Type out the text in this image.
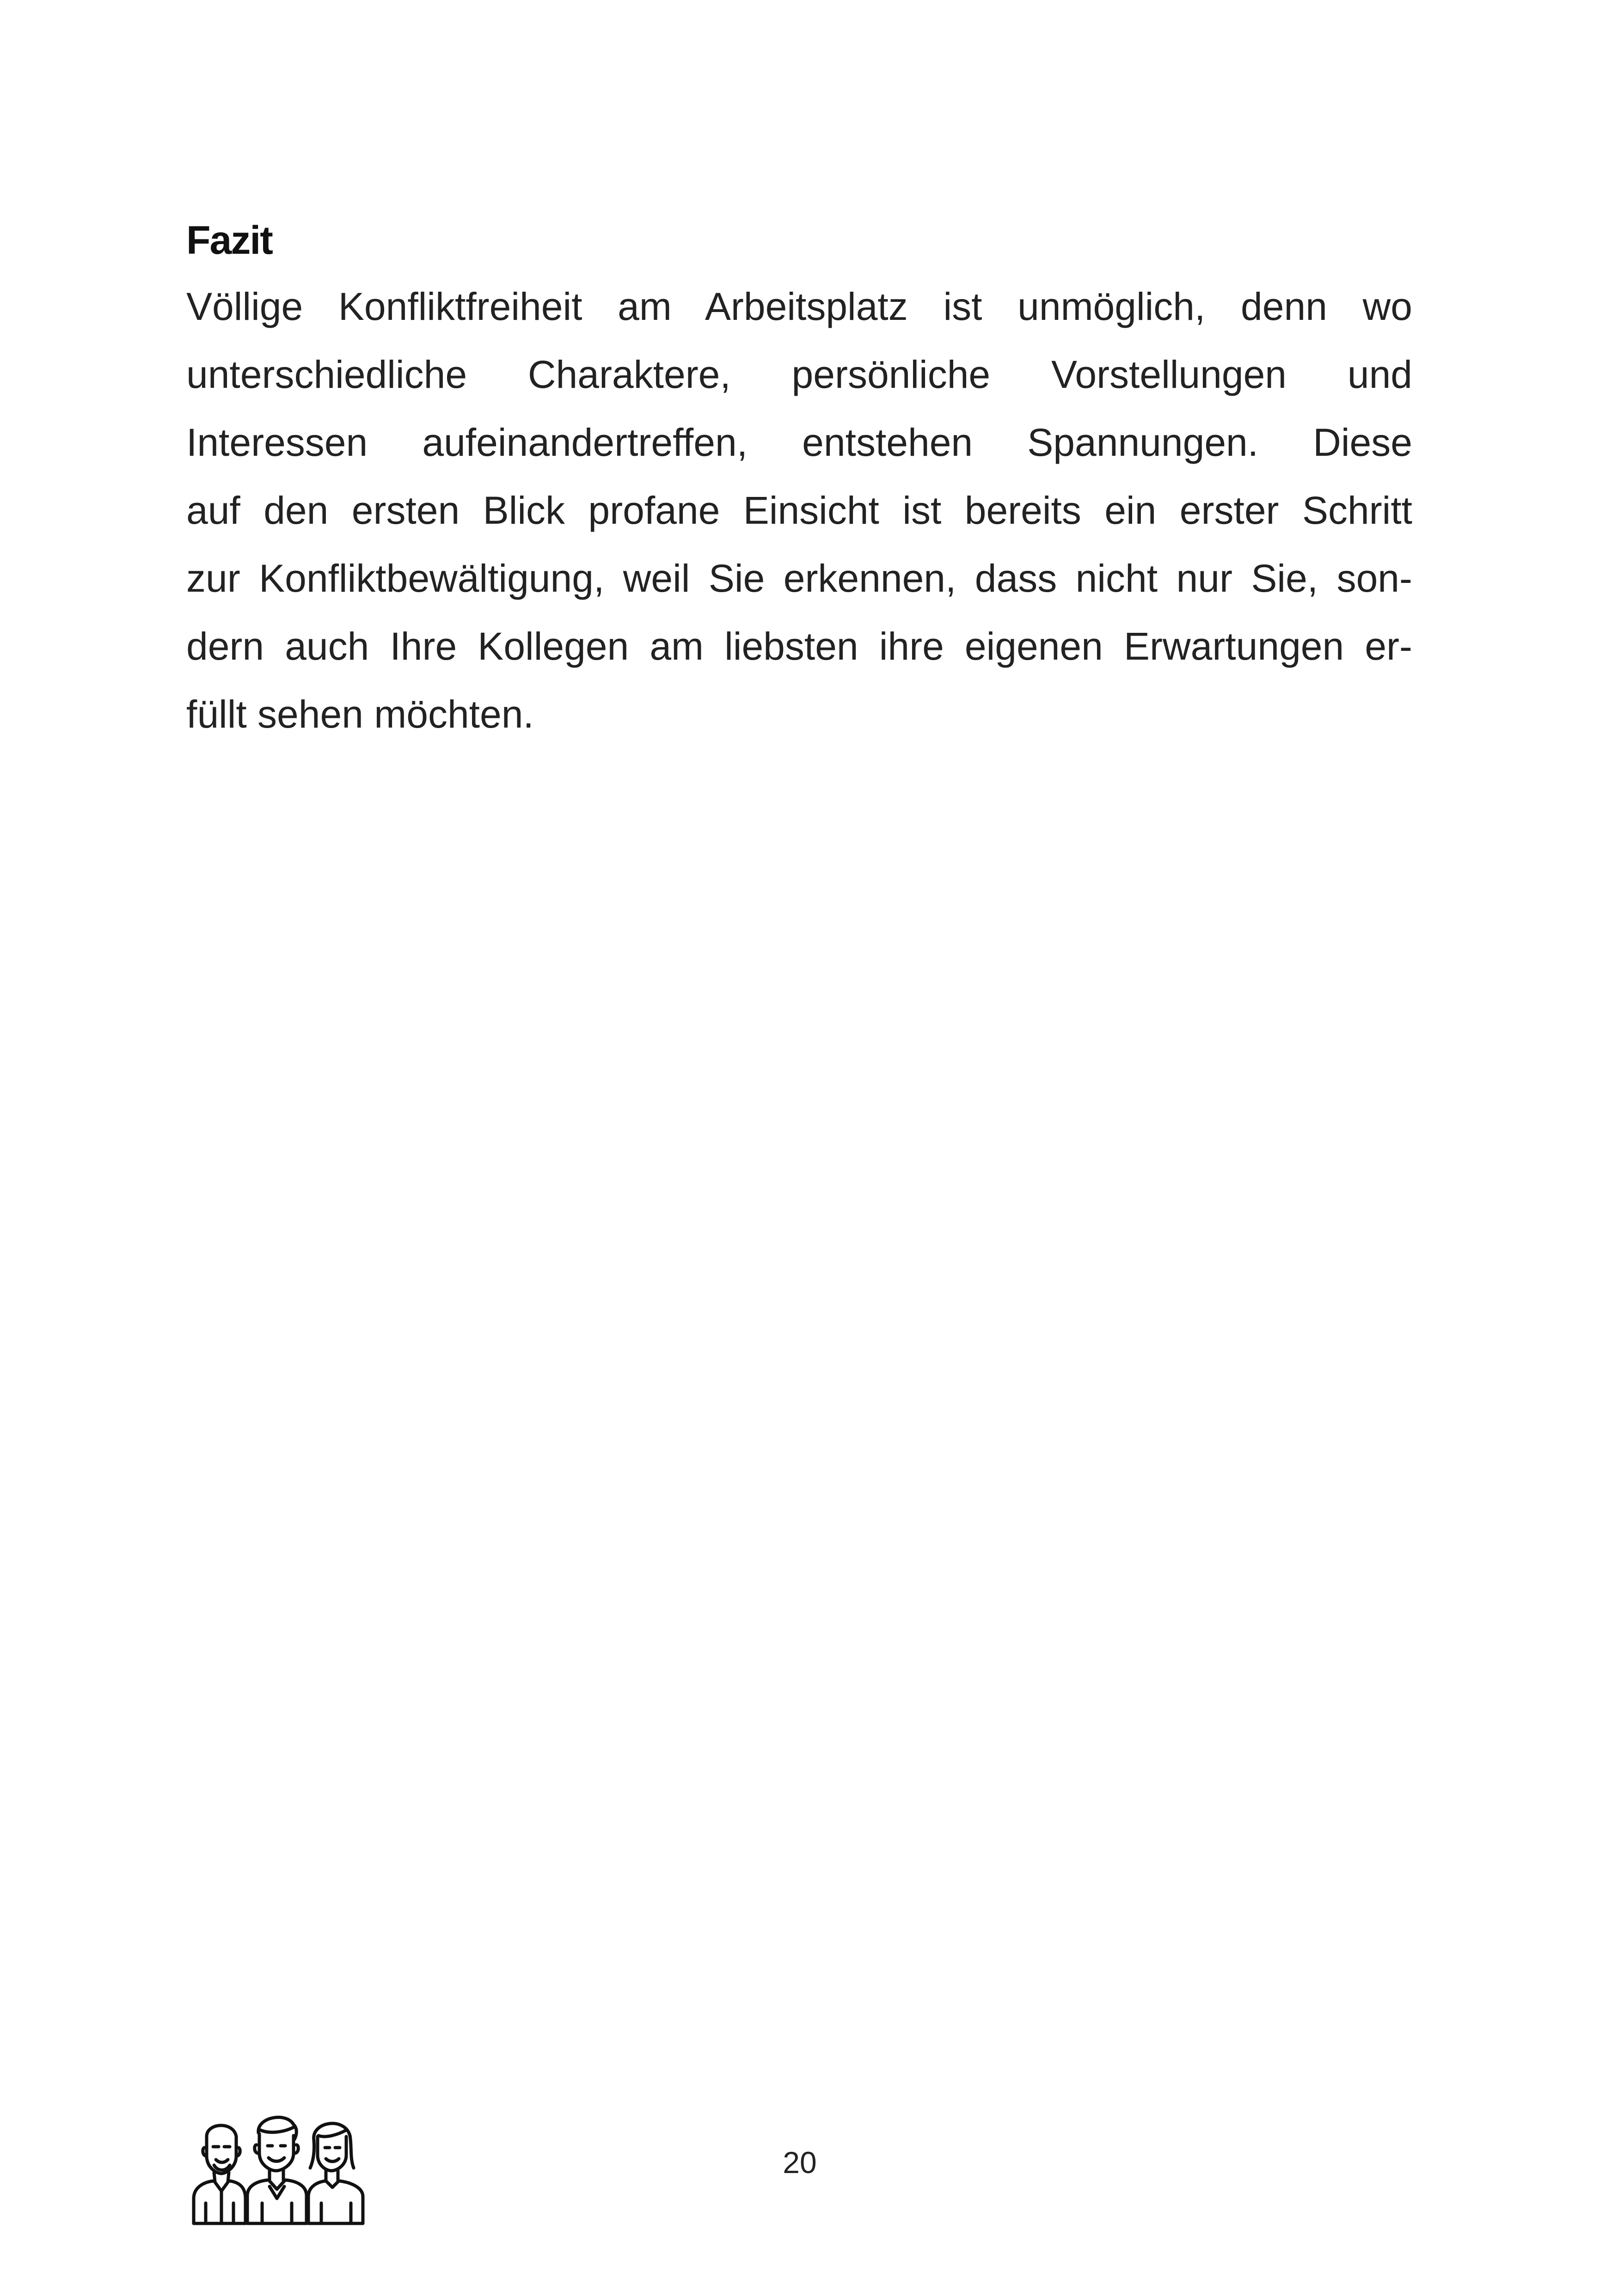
Fazit

Völlige Konfliktfreiheit am Arbeitsplatz ist unmöglich, denn wo
unterschiedliche Charaktere, persönliche Vorstellungen und
Interessen aufeinandertreffen, entstehen Spannungen. Diese
auf den ersten Blick profane Einsicht ist bereits ein erster Schritt
zur Konfliktbewältigung, weil Sie erkennen, dass nicht nur Sie, son-
dern auch Ihre Kollegen am liebsten ihre eigenen Erwartungen er-
füllt sehen möchten.

20
